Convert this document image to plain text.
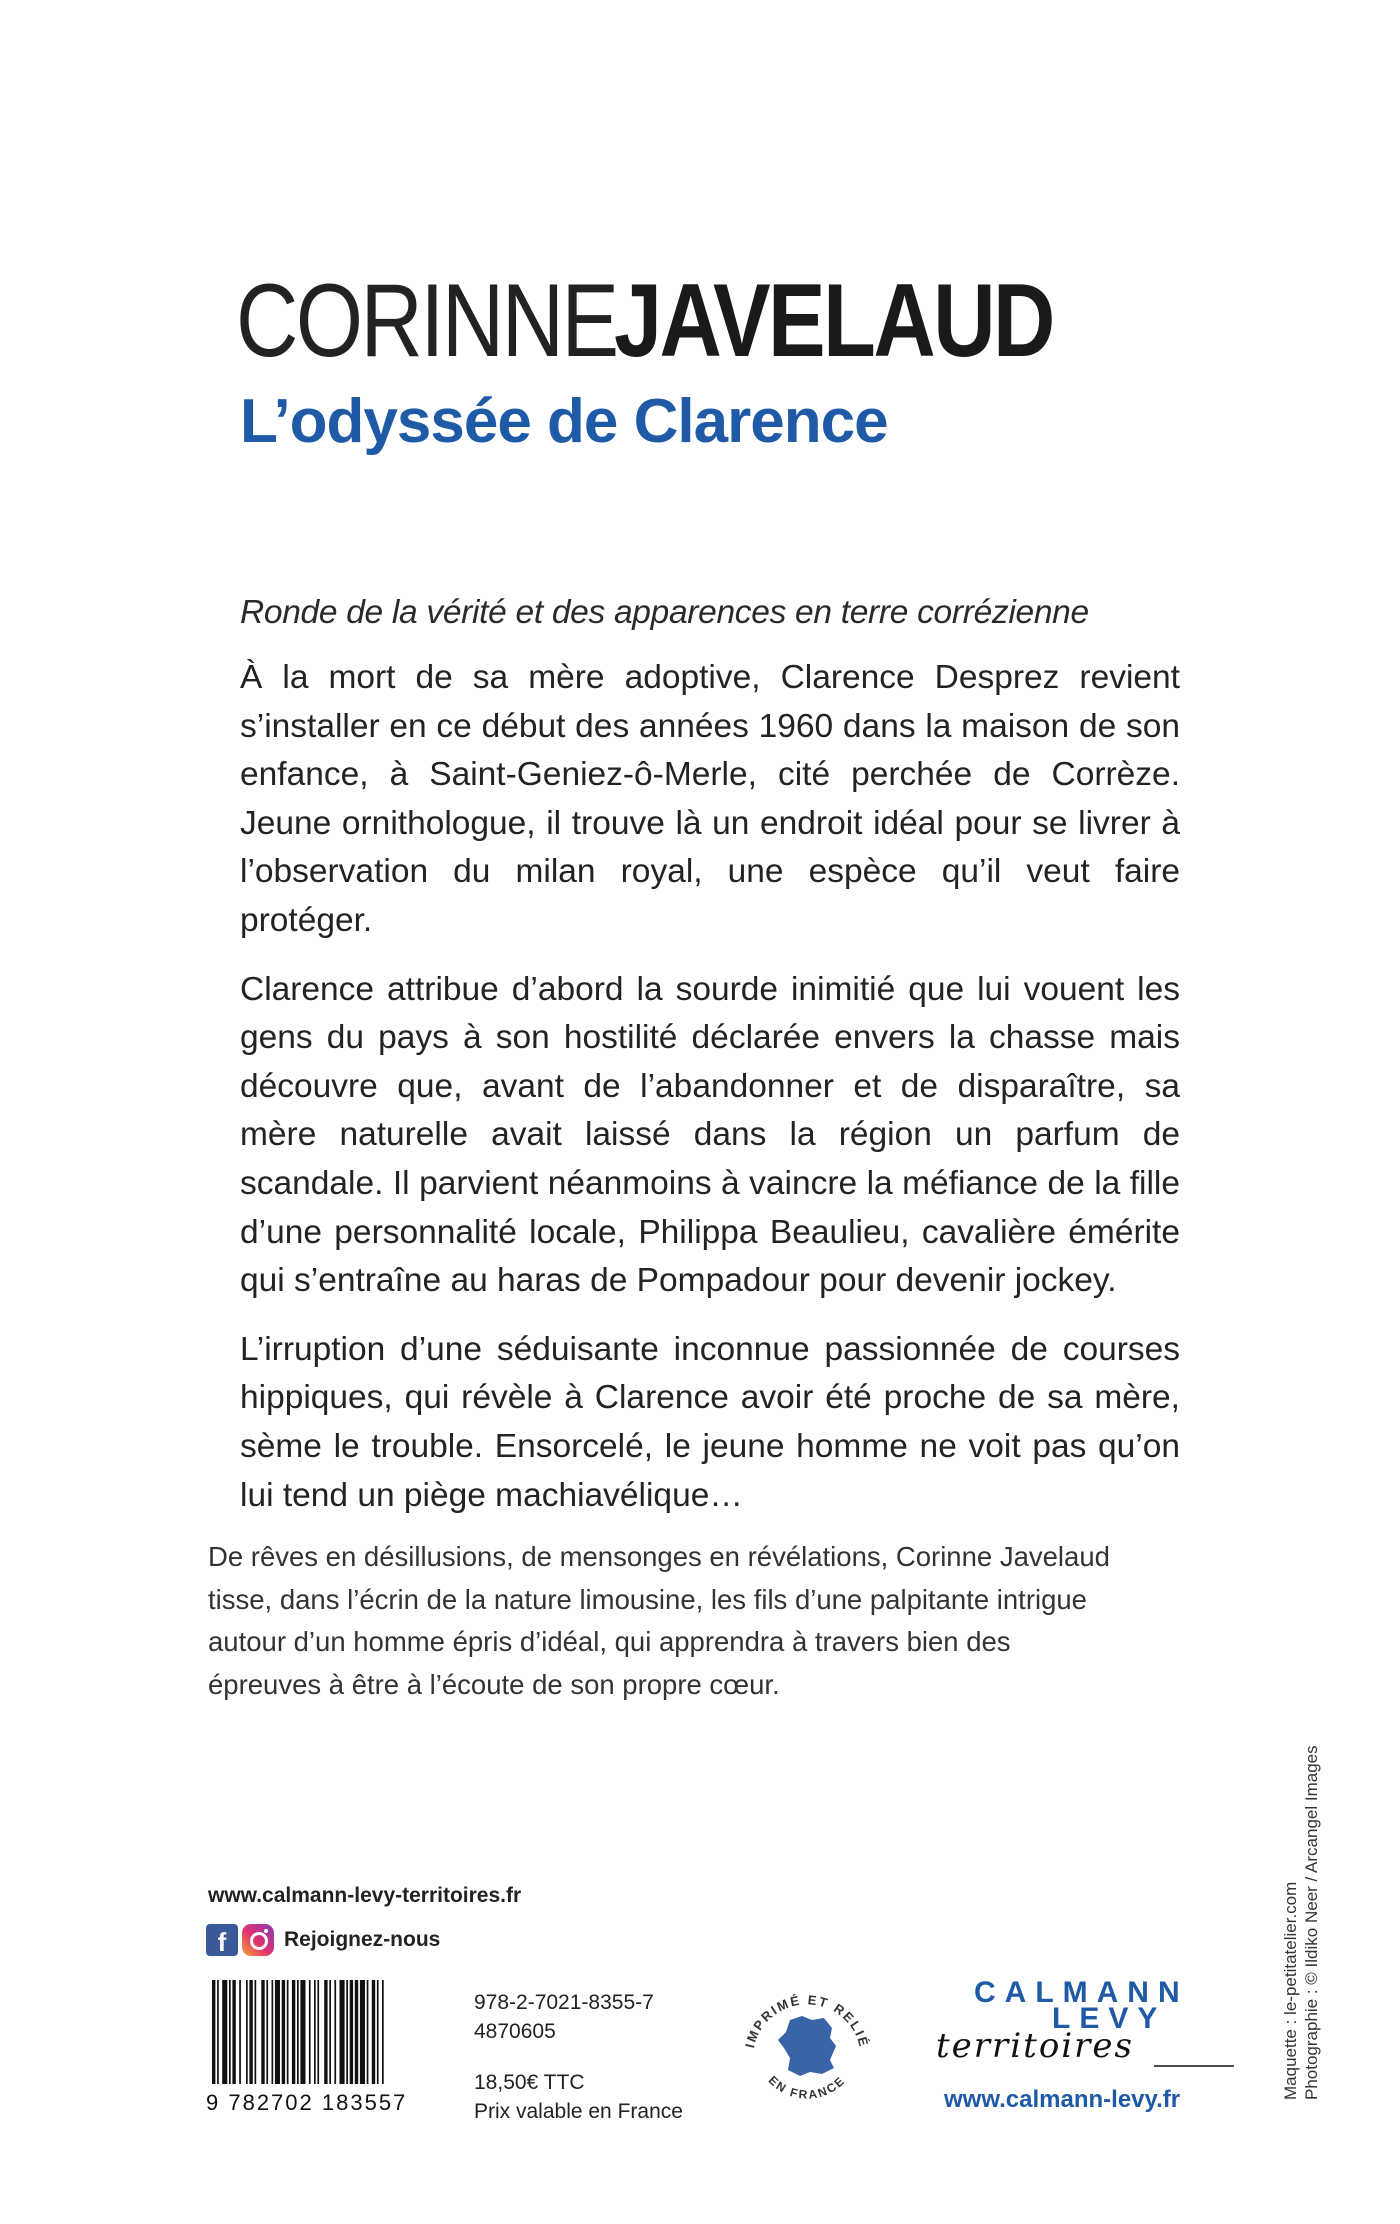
CORINNE
JAVELAUD
L’odyssée de Clarence
Ronde de la vérité et des apparences en terre corrézienne

À la mort de sa mère adoptive, Clarence Desprez revient s’installer en ce début des années 1960 dans la maison de son enfance, à Saint-Geniez-ô-Merle, cité perchée de Corrèze. Jeune ornithologue, il trouve là un endroit idéal pour se livrer à l’observation du milan royal, une espèce qu’il veut faire protéger.

Clarence attribue d’abord la sourde inimitié que lui vouent les gens du pays à son hostilité déclarée envers la chasse mais découvre que, avant de l’abandonner et de disparaître, sa mère naturelle avait laissé dans la région un parfum de scandale. Il parvient néanmoins à vaincre la méfiance de la fille d’une personnalité locale, Philippa Beaulieu, cavalière émérite qui s’entraîne au haras de Pompadour pour devenir jockey.

L’irruption d’une séduisante inconnue passionnée de courses hippiques, qui révèle à Clarence avoir été proche de sa mère, sème le trouble. Ensorcelé, le jeune homme ne voit pas qu’on lui tend un piège machiavélique…

De rêves en désillusions, de mensonges en révélations, Corinne Javelaud tisse, dans l’écrin de la nature limousine, les fils d’une palpitante intrigue autour d’un homme épris d’idéal, qui apprendra à travers bien des épreuves à être à l’écoute de son propre cœur.

www.calmann-levy-territoires.fr
f	Rejoignez-nous
9 782702 183557
978-2-7021-8355-7
4870605
18,50€ TTC
Prix valable en France
IMPRIMÉ ET RELIÉ
EN FRANCE
CALMANN
LEVY
territoires
www.calmann-levy.fr	Maquette : le-petitatelier.com Photographie : © Ildiko Neer / Arcangel Images
